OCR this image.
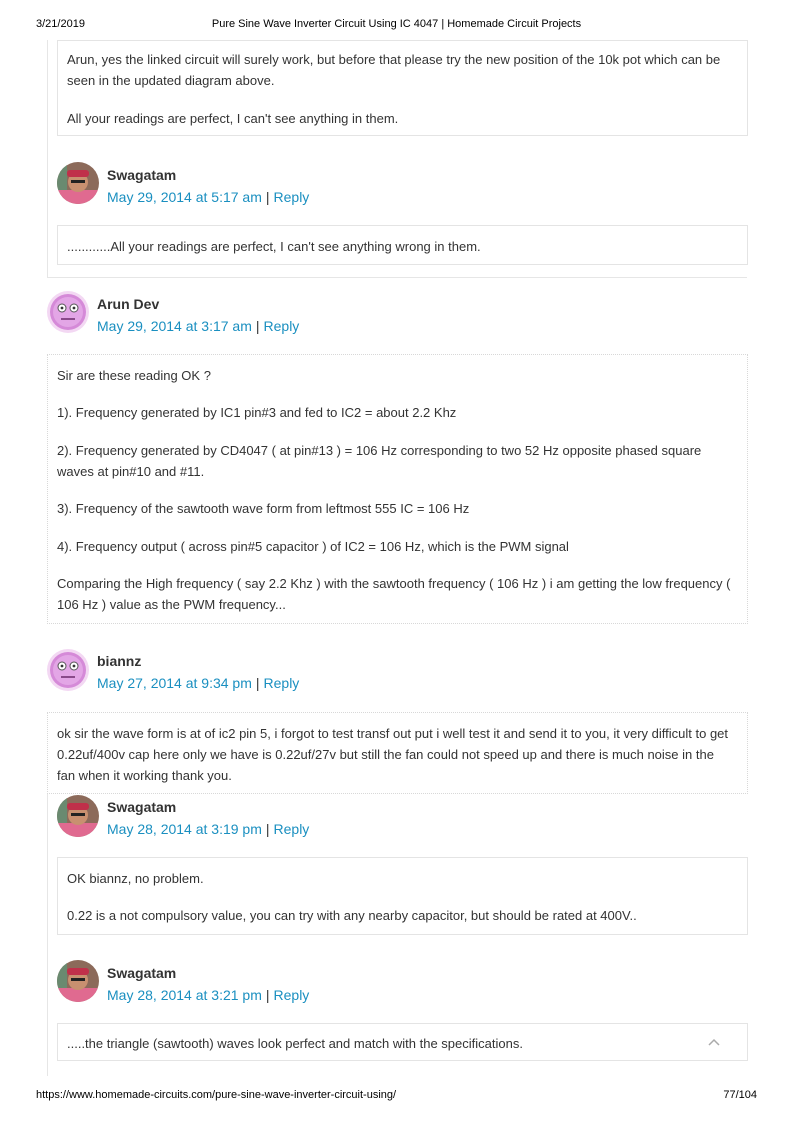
3/21/2019	Pure Sine Wave Inverter Circuit Using IC 4047 | Homemade Circuit Projects

Arun, yes the linked circuit will surely work, but before that please try the new position of the 10k pot which can be seen in the updated diagram above.

All your readings are perfect, I can't see anything in them.

Swagatam
May 29, 2014 at 5:17 am | Reply

............All your readings are perfect, I can't see anything wrong in them.

Arun Dev
May 29, 2014 at 3:17 am | Reply

Sir are these reading OK ?

1). Frequency generated by IC1 pin#3 and fed to IC2 = about 2.2 Khz

2). Frequency generated by CD4047 ( at pin#13 ) = 106 Hz corresponding to two 52 Hz opposite phased square waves at pin#10 and #11.

3). Frequency of the sawtooth wave form from leftmost 555 IC = 106 Hz

4). Frequency output ( across pin#5 capacitor ) of IC2 = 106 Hz, which is the PWM signal

Comparing the High frequency ( say 2.2 Khz ) with the sawtooth frequency ( 106 Hz ) i am getting the low frequency ( 106 Hz ) value as the PWM frequency...

biannz
May 27, 2014 at 9:34 pm | Reply

ok sir the wave form is at of ic2 pin 5, i forgot to test transf out put i well test it and send it to you, it very difficult to get 0.22uf/400v cap here only we have is 0.22uf/27v but still the fan could not speed up and there is much noise in the fan when it working thank you.

Swagatam
May 28, 2014 at 3:19 pm | Reply

OK biannz, no problem.

0.22 is a not compulsory value, you can try with any nearby capacitor, but should be rated at 400V..

Swagatam
May 28, 2014 at 3:21 pm | Reply

.....the triangle (sawtooth) waves look perfect and match with the specifications.

https://www.homemade-circuits.com/pure-sine-wave-inverter-circuit-using/	77/104
